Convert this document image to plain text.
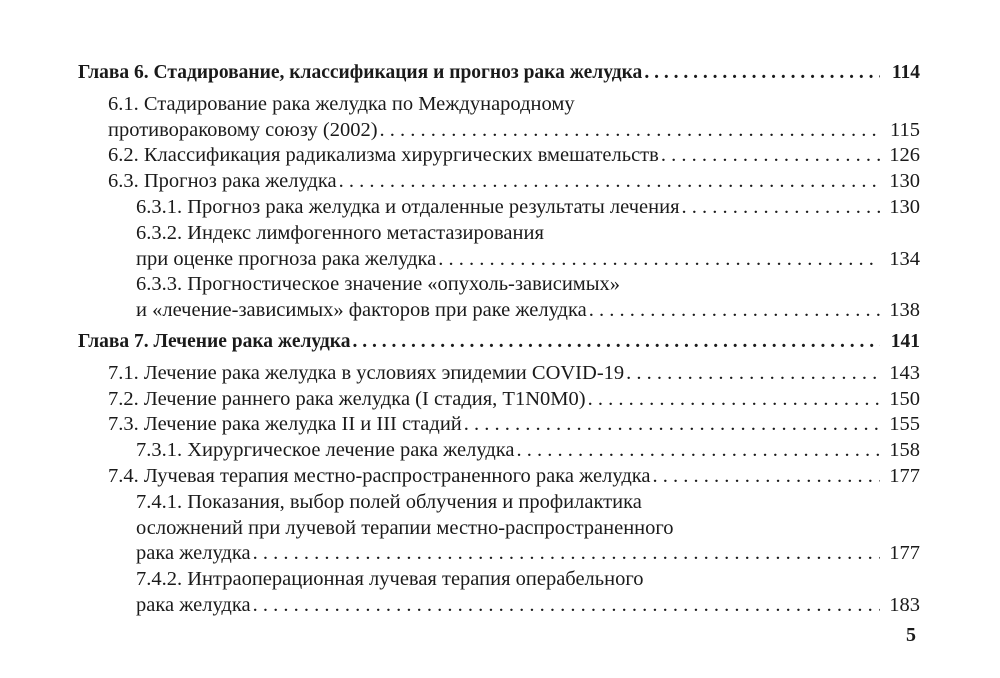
Глава 6. Стадирование, классификация и прогноз рака желудка . . .	114
6.1. Стадирование рака желудка по Международному
противораковому союзу (2002) . . .	115
6.2. Классификация радикализма хирургических вмешательств . . .	126
6.3. Прогноз рака желудка . . .	130
6.3.1. Прогноз рака желудка и отдаленные результаты лечения . . .	130
6.3.2. Индекс лимфогенного метастазирования
при оценке прогноза рака желудка . . .	134
6.3.3. Прогностическое значение «опухоль-зависимых»
и «лечение-зависимых» факторов при раке желудка . . .	138
Глава 7. Лечение рака желудка . . .	141
7.1. Лечение рака желудка в условиях эпидемии COVID-19 . . .	143
7.2. Лечение раннего рака желудка (I стадия, T1N0M0) . . .	150
7.3. Лечение рака желудка II и III стадий . . .	155
7.3.1. Хирургическое лечение рака желудка . . .	158
7.4. Лучевая терапия местно-распространенного рака желудка . . .	177
7.4.1. Показания, выбор полей облучения и профилактика
осложнений при лучевой терапии местно-распространенного
рака желудка . . .	177
7.4.2. Интраоперационная лучевая терапия операбельного
рака желудка . . .	183
5
